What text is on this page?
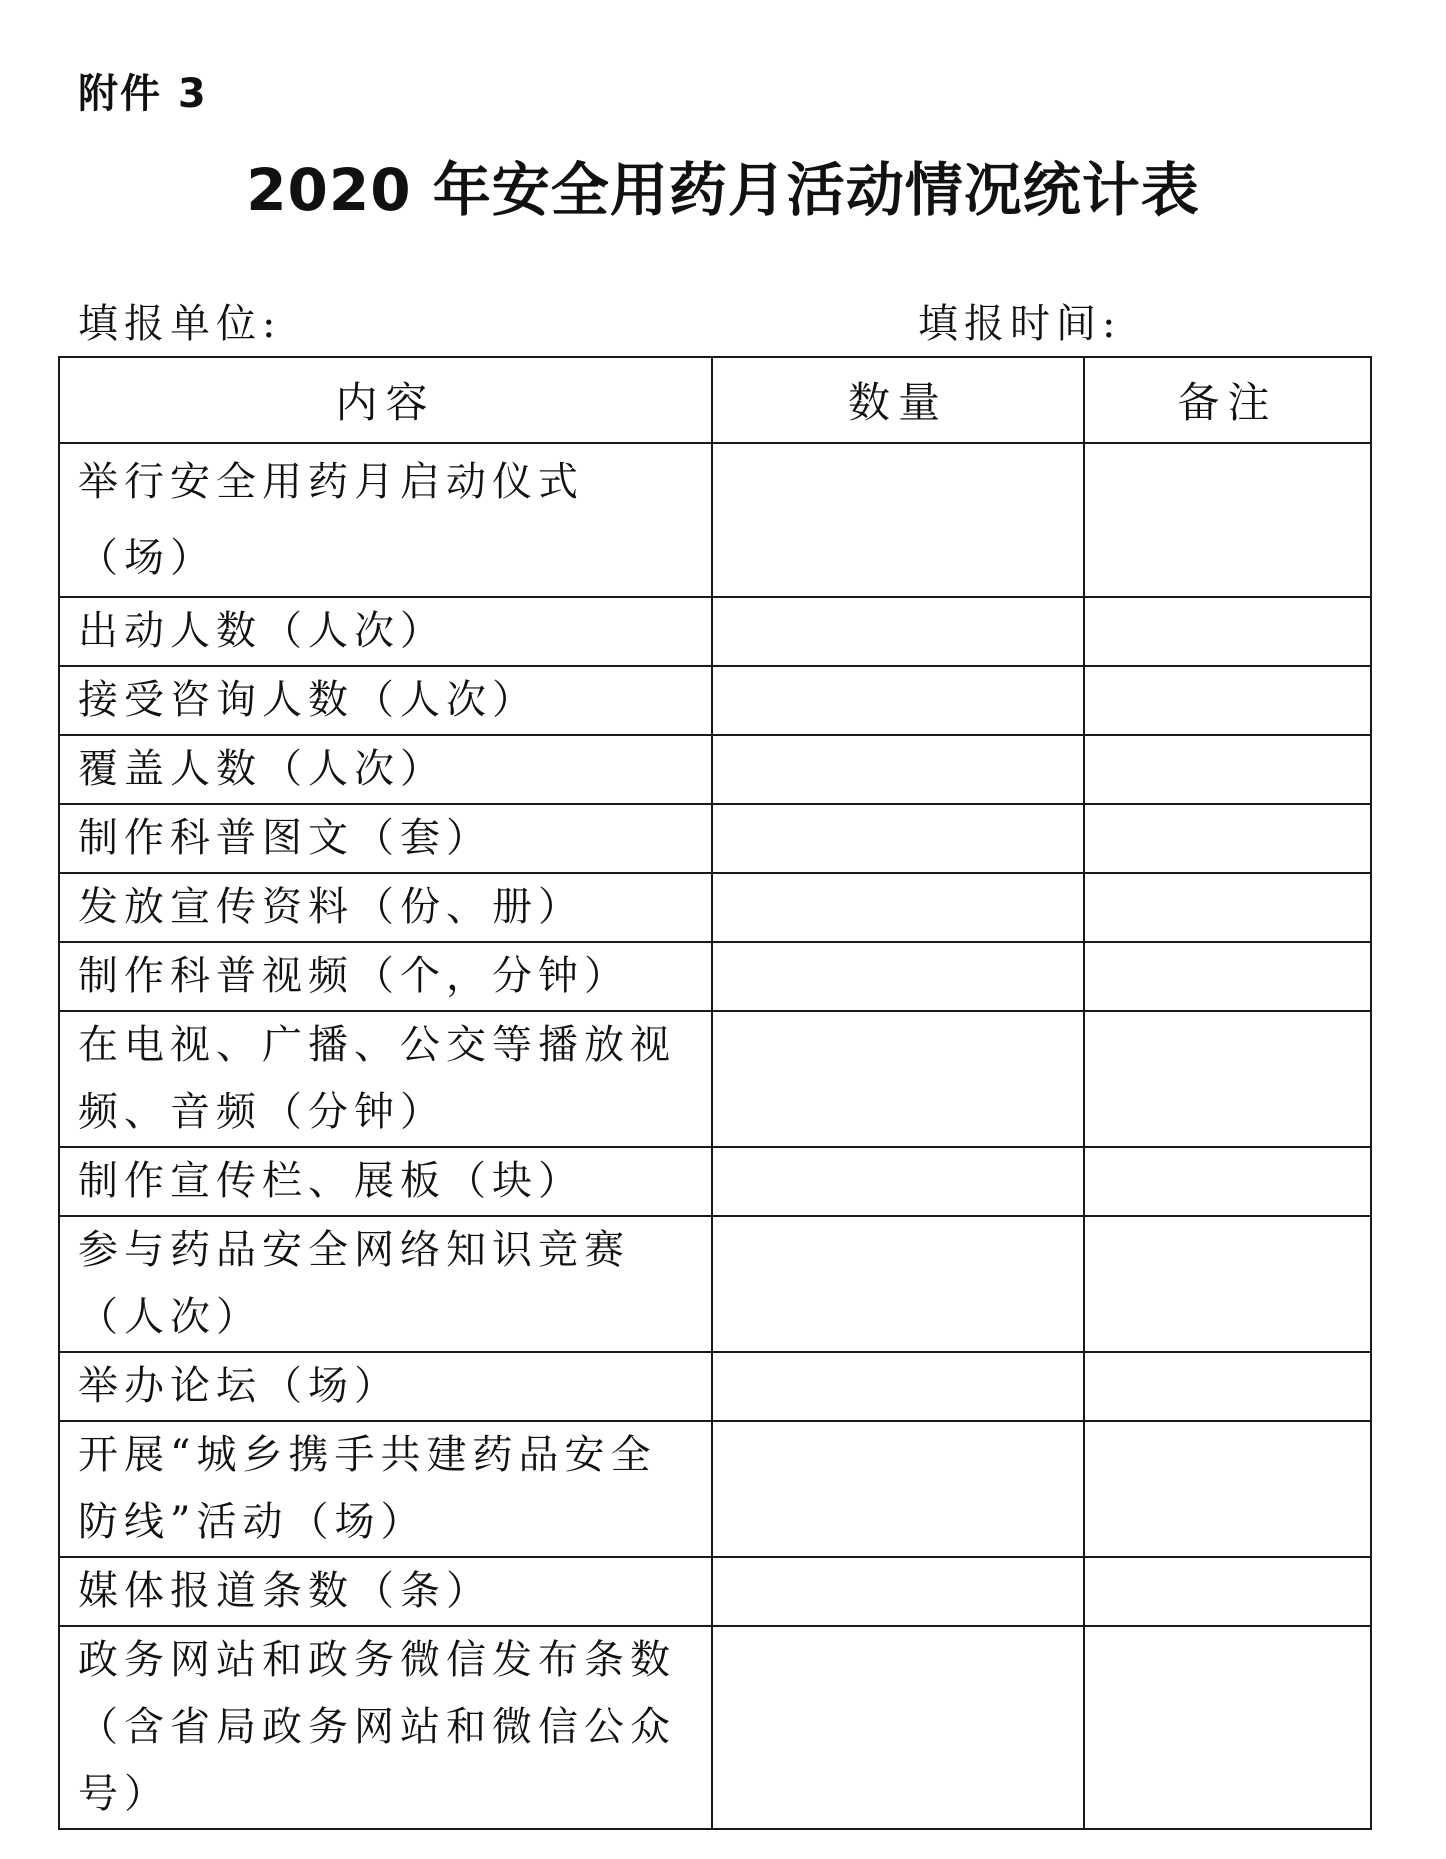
附件 3
2020 年安全用药月活动情况统计表
填报单位:	填报时间:
内容	数量	备注
举行安全用药月启动仪式（场）		
出动人数（人次）		
接受咨询人数（人次）		
覆盖人数（人次）		
制作科普图文（套）		
发放宣传资料（份、册）		
制作科普视频（个，分钟）		
在电视、广播、公交等播放视频、音频（分钟）		
制作宣传栏、展板（块）		
参与药品安全网络知识竞赛（人次）		
举办论坛（场）		
开展“城乡携手共建药品安全防线”活动（场）		
媒体报道条数（条）		
政务网站和政务微信发布条数（含省局政务网站和微信公众号）		
